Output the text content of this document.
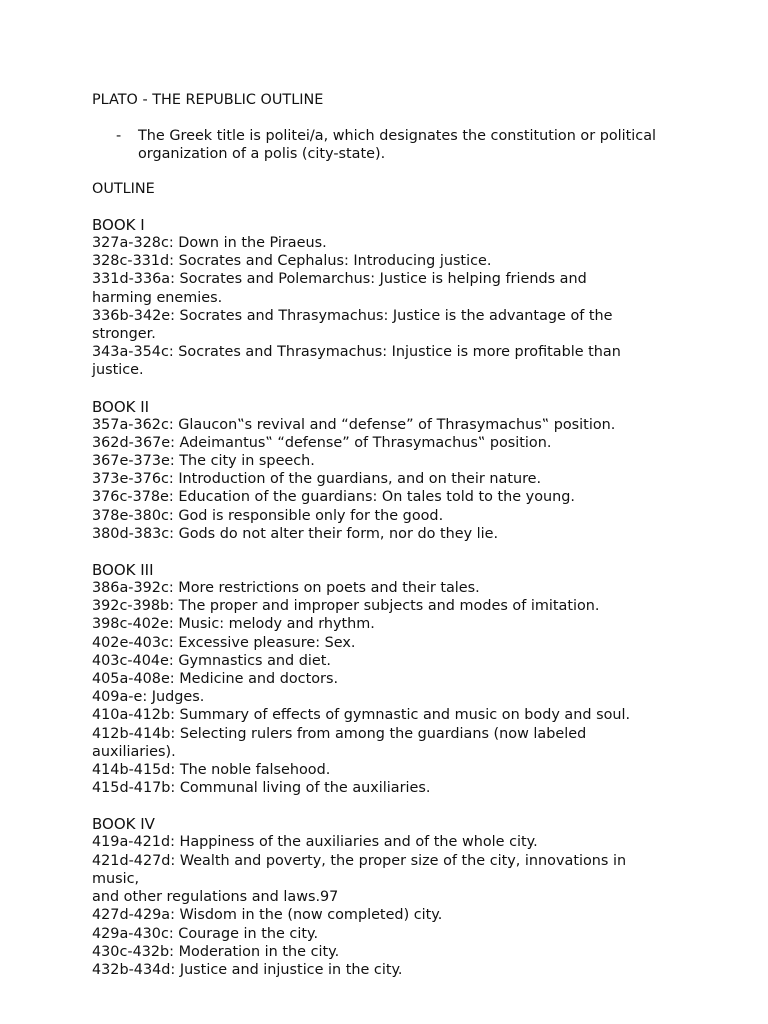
PLATO - THE REPUBLIC OUTLINE
-	The Greek title is politei/a, which designates the constitution or political organization of a polis (city-state).
OUTLINE
BOOK I
327a-328c: Down in the Piraeus.
328c-331d: Socrates and Cephalus: Introducing justice.
331d-336a: Socrates and Polemarchus: Justice is helping friends and
harming enemies.
336b-342e: Socrates and Thrasymachus: Justice is the advantage of the
stronger.
343a-354c: Socrates and Thrasymachus: Injustice is more profitable than
justice.
BOOK II
357a-362c: Glaucon‟s revival and “defense” of Thrasymachus‟ position.
362d-367e: Adeimantus‟ “defense” of Thrasymachus‟ position.
367e-373e: The city in speech.
373e-376c: Introduction of the guardians, and on their nature.
376c-378e: Education of the guardians: On tales told to the young.
378e-380c: God is responsible only for the good.
380d-383c: Gods do not alter their form, nor do they lie.
BOOK III
386a-392c: More restrictions on poets and their tales.
392c-398b: The proper and improper subjects and modes of imitation.
398c-402e: Music: melody and rhythm.
402e-403c: Excessive pleasure: Sex.
403c-404e: Gymnastics and diet.
405a-408e: Medicine and doctors.
409a-e: Judges.
410a-412b: Summary of effects of gymnastic and music on body and soul.
412b-414b: Selecting rulers from among the guardians (now labeled
auxiliaries).
414b-415d: The noble falsehood.
415d-417b: Communal living of the auxiliaries.
BOOK IV
419a-421d: Happiness of the auxiliaries and of the whole city.
421d-427d: Wealth and poverty, the proper size of the city, innovations in
music,
and other regulations and laws.97
427d-429a: Wisdom in the (now completed) city.
429a-430c: Courage in the city.
430c-432b: Moderation in the city.
432b-434d: Justice and injustice in the city.
